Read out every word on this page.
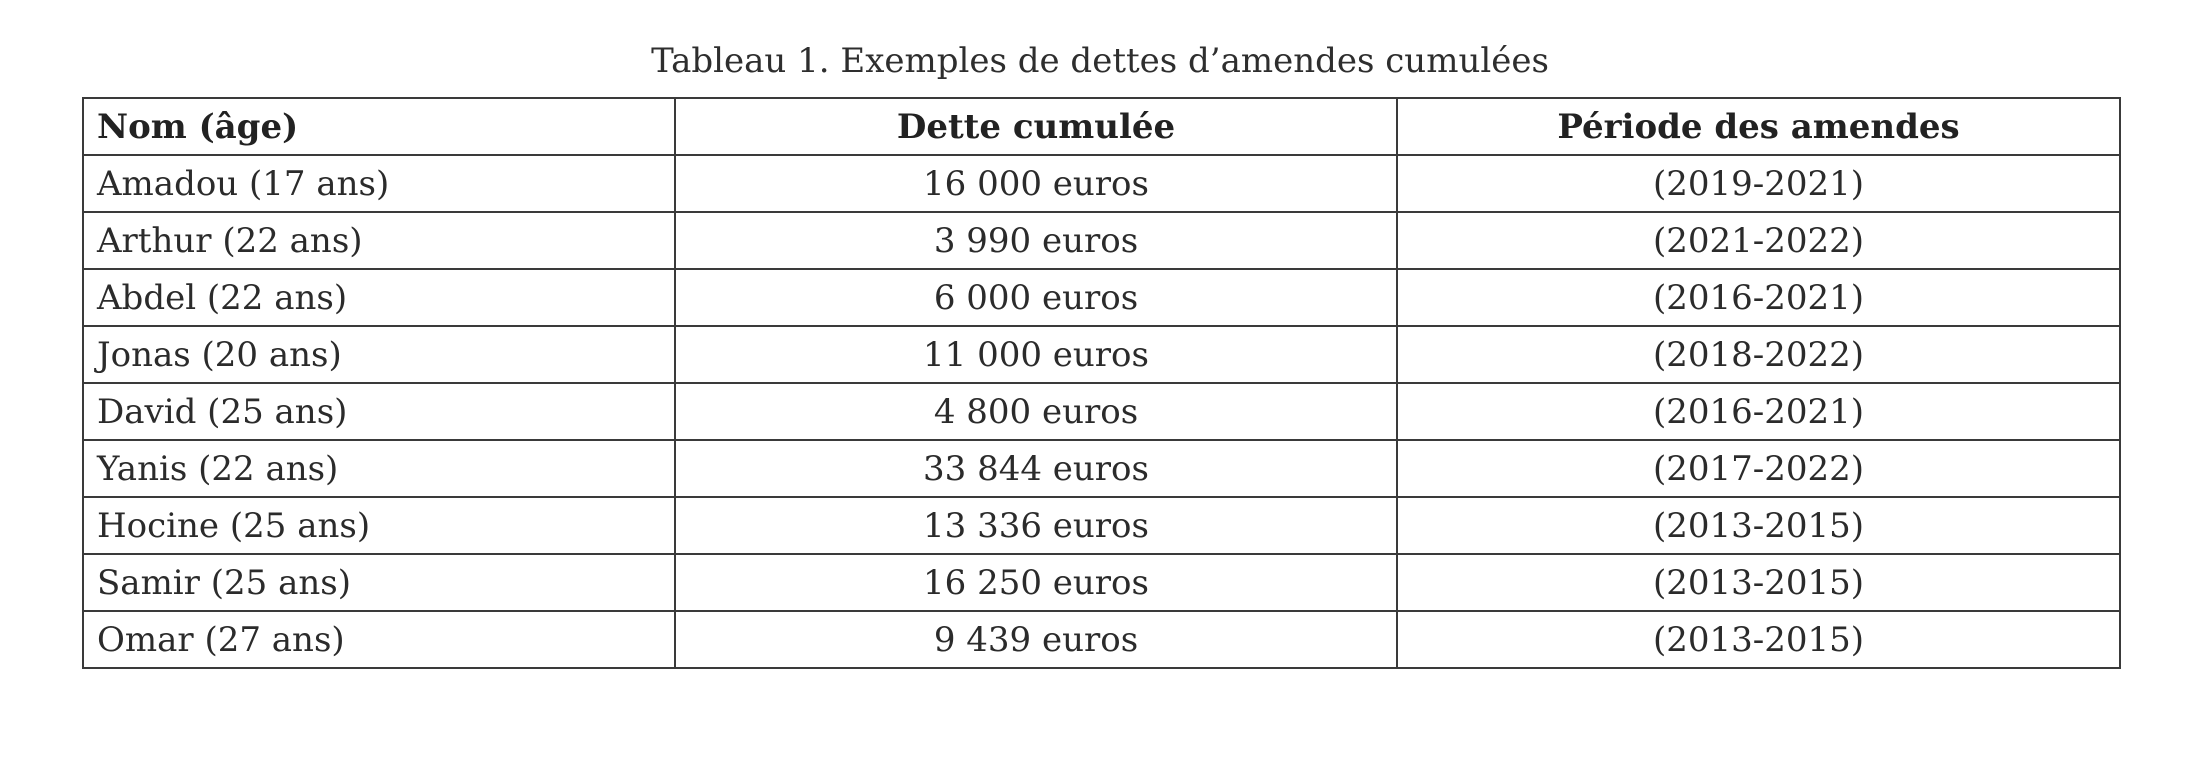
Tableau 1. Exemples de dettes d’amendes cumulées
Nom (âge)	Dette cumulée	Période des amendes
Amadou (17 ans)	16 000 euros	(2019-2021)
Arthur (22 ans)	3 990 euros	(2021-2022)
Abdel (22 ans)	6 000 euros	(2016-2021)
Jonas (20 ans)	11 000 euros	(2018-2022)
David (25 ans)	4 800 euros	(2016-2021)
Yanis (22 ans)	33 844 euros	(2017-2022)
Hocine (25 ans)	13 336 euros	(2013-2015)
Samir (25 ans)	16 250 euros	(2013-2015)
Omar (27 ans)	9 439 euros	(2013-2015)
